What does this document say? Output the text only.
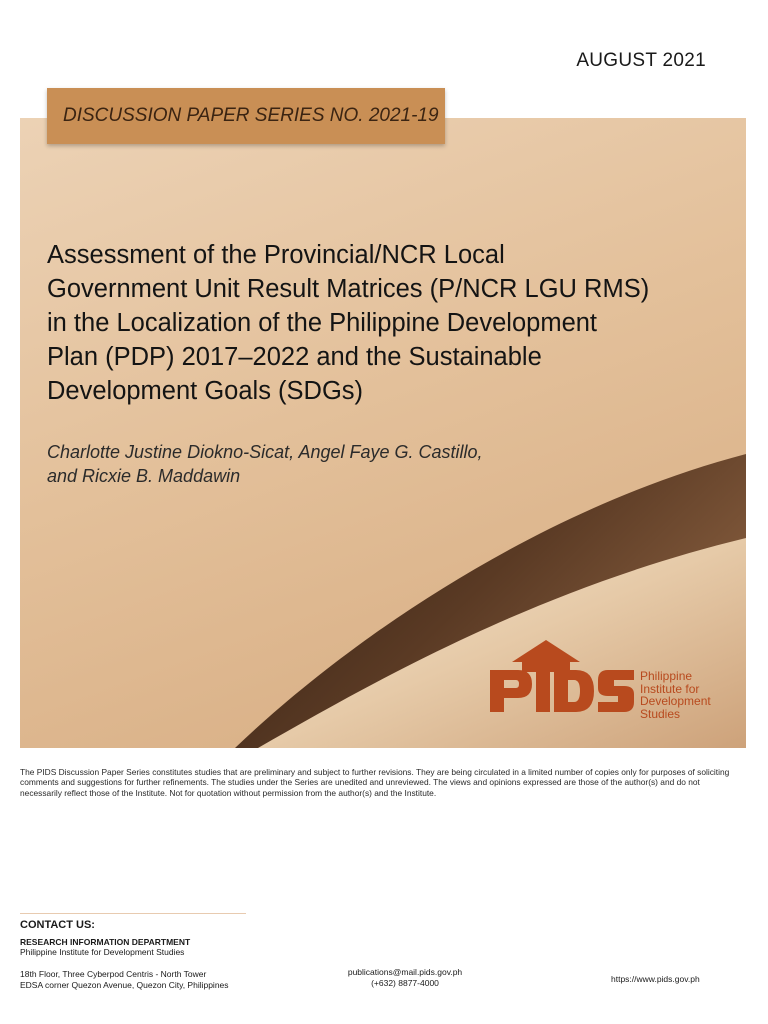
AUGUST 2021
DISCUSSION PAPER SERIES NO. 2021-19
Assessment of the Provincial/NCR Local
Government Unit Result Matrices (P/NCR LGU RMS)
in the Localization of the Philippine Development
Plan (PDP) 2017–2022 and the Sustainable
Development Goals (SDGs)
Charlotte Justine Diokno-Sicat, Angel Faye G. Castillo,
and Ricxie B. Maddawin
Philippine
Institute for
Development
Studies
The PIDS Discussion Paper Series constitutes studies that are preliminary and subject to further revisions. They are being circulated in a limited number of copies only for purposes of soliciting comments and suggestions for further refinements. The studies under the Series are unedited and unreviewed. The views and opinions expressed are those of the author(s) and do not necessarily reflect those of the Institute. Not for quotation without permission from the author(s) and the Institute.
CONTACT US:
RESEARCH INFORMATION DEPARTMENT
Philippine Institute for Development Studies
18th Floor, Three Cyberpod Centris - North Tower
EDSA corner Quezon Avenue, Quezon City, Philippines
publications@mail.pids.gov.ph
(+632) 8877-4000	https://www.pids.gov.ph
